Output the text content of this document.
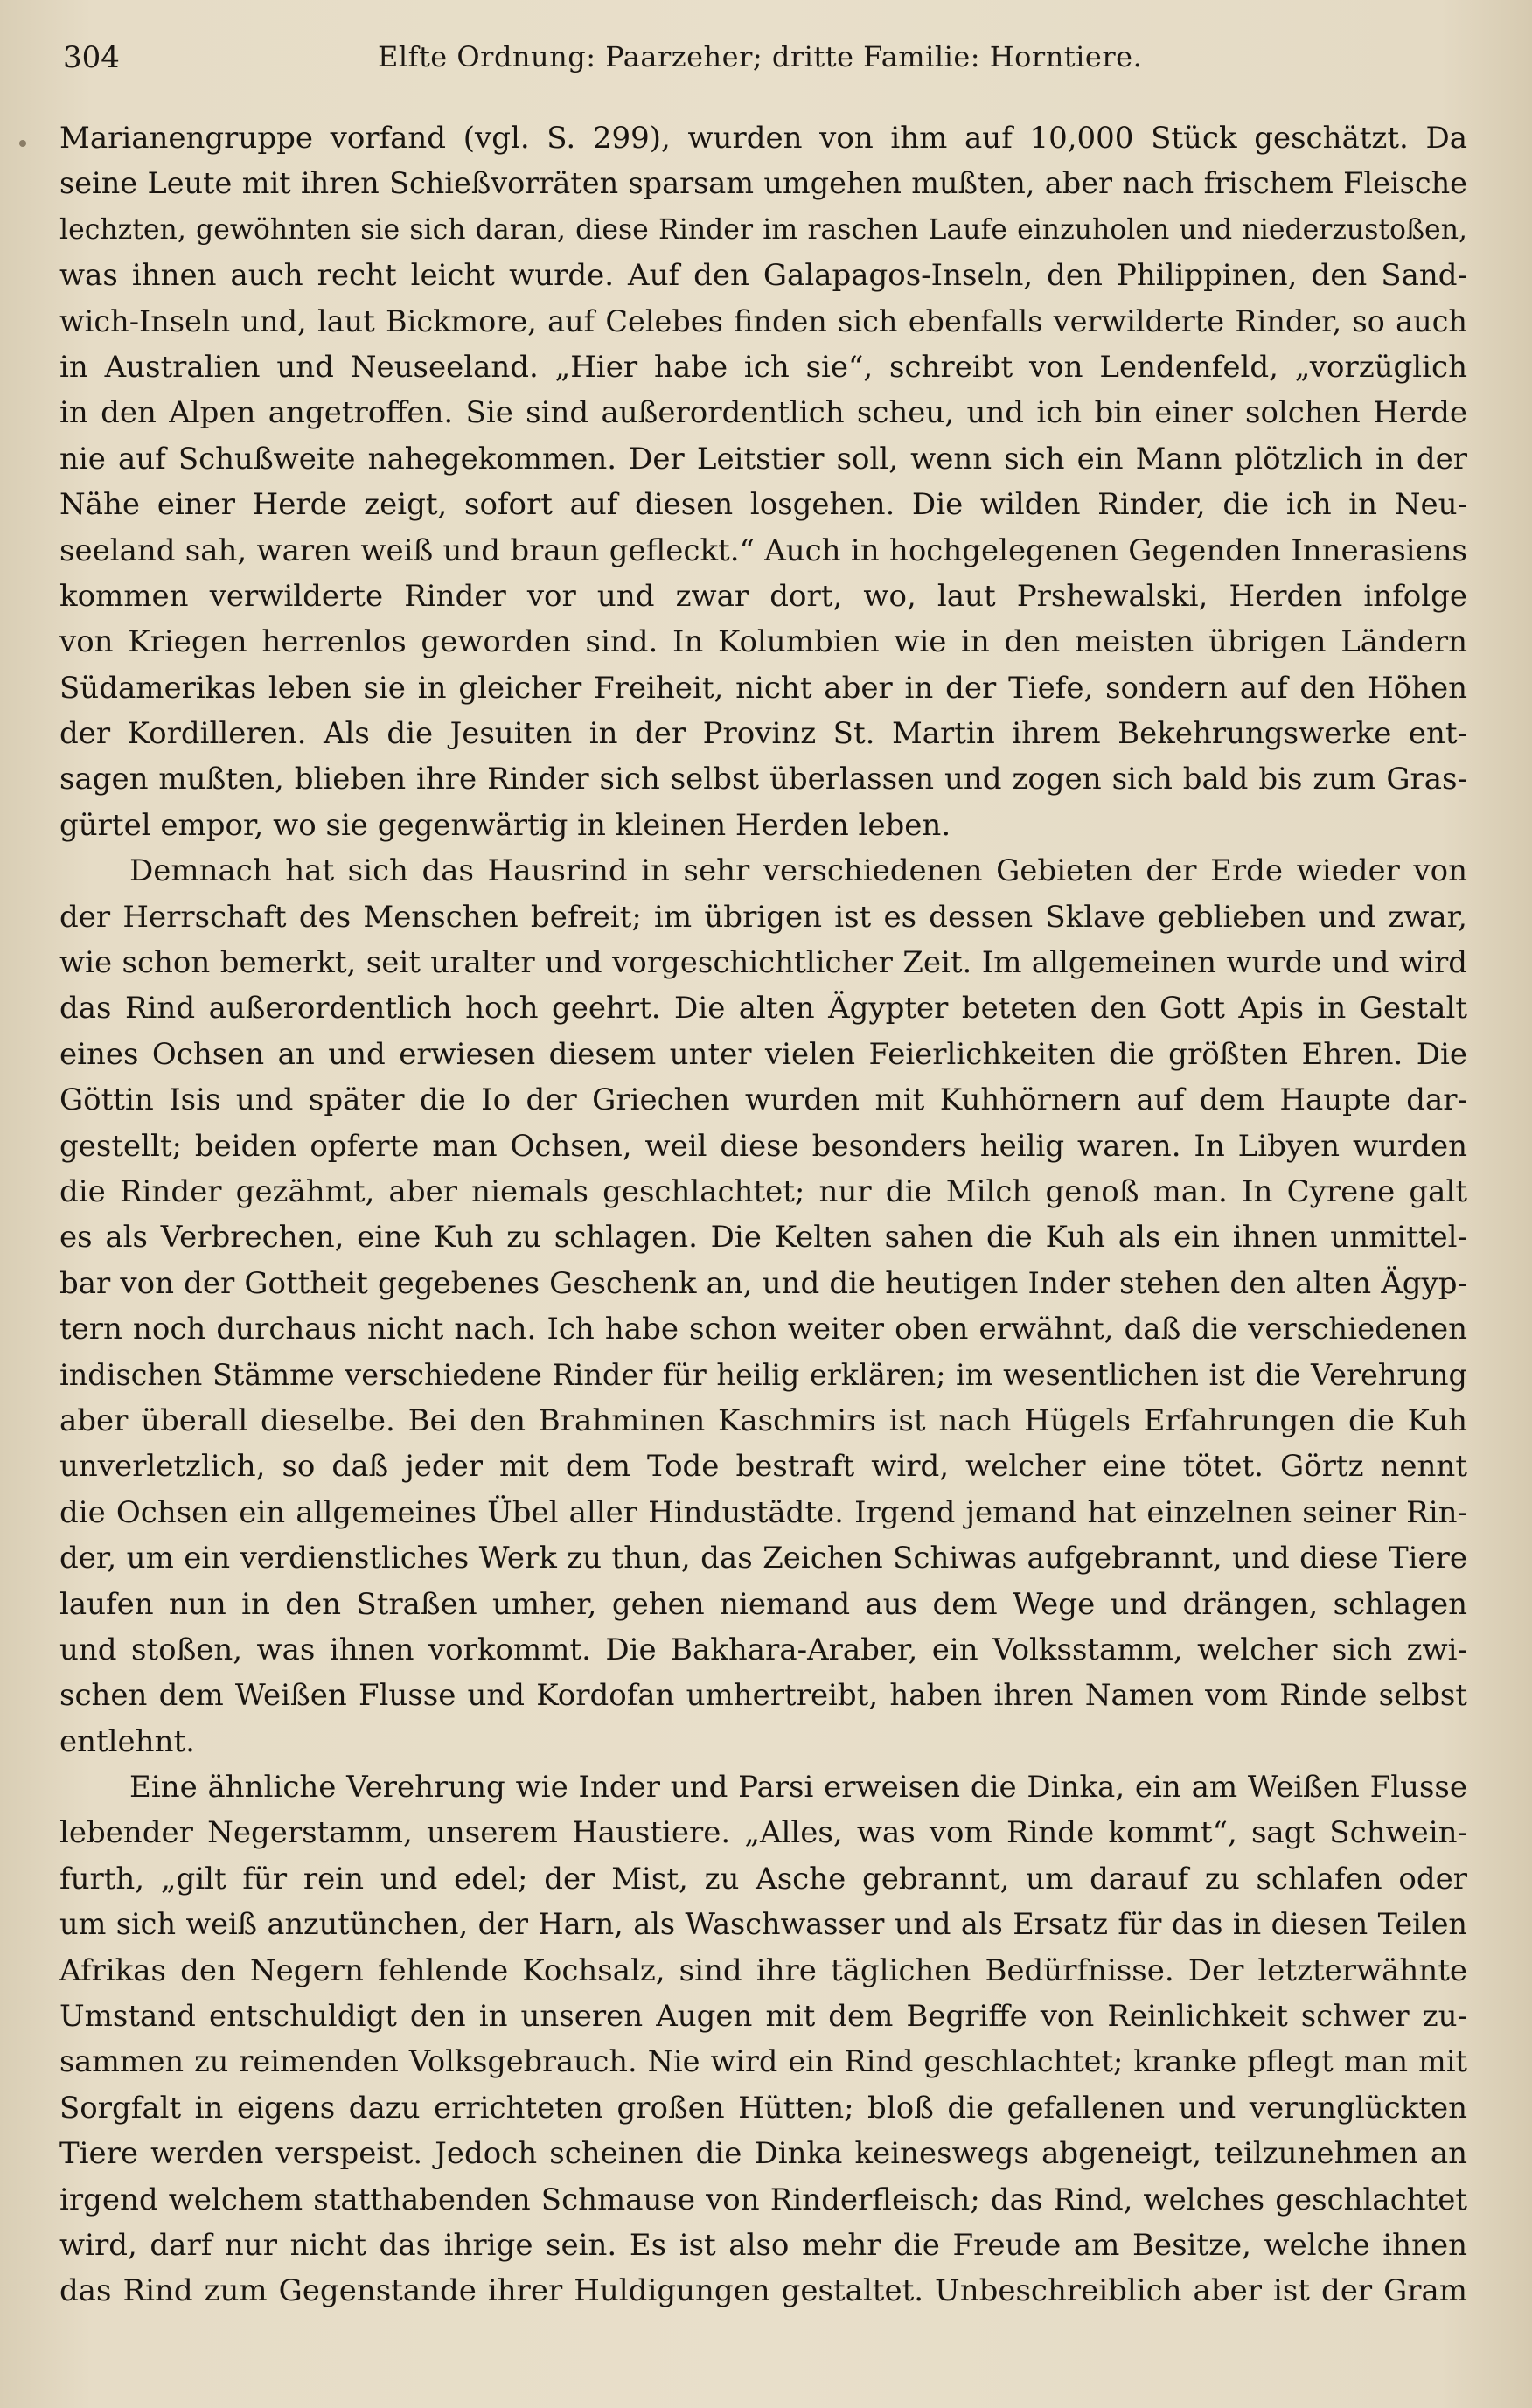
304	Elfte Ordnung: Paarzeher; dritte Familie: Horntiere.
Marianengruppe vorfand (vgl. S. 299), wurden von ihm auf 10,000 Stück geschätzt. Da
seine Leute mit ihren Schießvorräten sparsam umgehen mußten, aber nach frischem Fleische
lechzten, gewöhnten sie sich daran, diese Rinder im raschen Laufe einzuholen und niederzustoßen,
was ihnen auch recht leicht wurde. Auf den Galapagos-Inseln, den Philippinen, den Sand-
wich-Inseln und, laut Bickmore, auf Celebes finden sich ebenfalls verwilderte Rinder, so auch
in Australien und Neuseeland. „Hier habe ich sie“, schreibt von Lendenfeld, „vorzüglich
in den Alpen angetroffen. Sie sind außerordentlich scheu, und ich bin einer solchen Herde
nie auf Schußweite nahegekommen. Der Leitstier soll, wenn sich ein Mann plötzlich in der
Nähe einer Herde zeigt, sofort auf diesen losgehen. Die wilden Rinder, die ich in Neu-
seeland sah, waren weiß und braun gefleckt.“ Auch in hochgelegenen Gegenden Innerasiens
kommen verwilderte Rinder vor und zwar dort, wo, laut Prshewalski, Herden infolge
von Kriegen herrenlos geworden sind. In Kolumbien wie in den meisten übrigen Ländern
Südamerikas leben sie in gleicher Freiheit, nicht aber in der Tiefe, sondern auf den Höhen
der Kordilleren. Als die Jesuiten in der Provinz St. Martin ihrem Bekehrungswerke ent-
sagen mußten, blieben ihre Rinder sich selbst überlassen und zogen sich bald bis zum Gras-
gürtel empor, wo sie gegenwärtig in kleinen Herden leben.
Demnach hat sich das Hausrind in sehr verschiedenen Gebieten der Erde wieder von
der Herrschaft des Menschen befreit; im übrigen ist es dessen Sklave geblieben und zwar,
wie schon bemerkt, seit uralter und vorgeschichtlicher Zeit. Im allgemeinen wurde und wird
das Rind außerordentlich hoch geehrt. Die alten Ägypter beteten den Gott Apis in Gestalt
eines Ochsen an und erwiesen diesem unter vielen Feierlichkeiten die größten Ehren. Die
Göttin Isis und später die Io der Griechen wurden mit Kuhhörnern auf dem Haupte dar-
gestellt; beiden opferte man Ochsen, weil diese besonders heilig waren. In Libyen wurden
die Rinder gezähmt, aber niemals geschlachtet; nur die Milch genoß man. In Cyrene galt
es als Verbrechen, eine Kuh zu schlagen. Die Kelten sahen die Kuh als ein ihnen unmittel-
bar von der Gottheit gegebenes Geschenk an, und die heutigen Inder stehen den alten Ägyp-
tern noch durchaus nicht nach. Ich habe schon weiter oben erwähnt, daß die verschiedenen
indischen Stämme verschiedene Rinder für heilig erklären; im wesentlichen ist die Verehrung
aber überall dieselbe. Bei den Brahminen Kaschmirs ist nach Hügels Erfahrungen die Kuh
unverletzlich, so daß jeder mit dem Tode bestraft wird, welcher eine tötet. Görtz nennt
die Ochsen ein allgemeines Übel aller Hindustädte. Irgend jemand hat einzelnen seiner Rin-
der, um ein verdienstliches Werk zu thun, das Zeichen Schiwas aufgebrannt, und diese Tiere
laufen nun in den Straßen umher, gehen niemand aus dem Wege und drängen, schlagen
und stoßen, was ihnen vorkommt. Die Bakhara-Araber, ein Volksstamm, welcher sich zwi-
schen dem Weißen Flusse und Kordofan umhertreibt, haben ihren Namen vom Rinde selbst
entlehnt.
Eine ähnliche Verehrung wie Inder und Parsi erweisen die Dinka, ein am Weißen Flusse
lebender Negerstamm, unserem Haustiere. „Alles, was vom Rinde kommt“, sagt Schwein-
furth, „gilt für rein und edel; der Mist, zu Asche gebrannt, um darauf zu schlafen oder
um sich weiß anzutünchen, der Harn, als Waschwasser und als Ersatz für das in diesen Teilen
Afrikas den Negern fehlende Kochsalz, sind ihre täglichen Bedürfnisse. Der letzterwähnte
Umstand entschuldigt den in unseren Augen mit dem Begriffe von Reinlichkeit schwer zu-
sammen zu reimenden Volksgebrauch. Nie wird ein Rind geschlachtet; kranke pflegt man mit
Sorgfalt in eigens dazu errichteten großen Hütten; bloß die gefallenen und verunglückten
Tiere werden verspeist. Jedoch scheinen die Dinka keineswegs abgeneigt, teilzunehmen an
irgend welchem statthabenden Schmause von Rinderfleisch; das Rind, welches geschlachtet
wird, darf nur nicht das ihrige sein. Es ist also mehr die Freude am Besitze, welche ihnen
das Rind zum Gegenstande ihrer Huldigungen gestaltet. Unbeschreiblich aber ist der Gram
